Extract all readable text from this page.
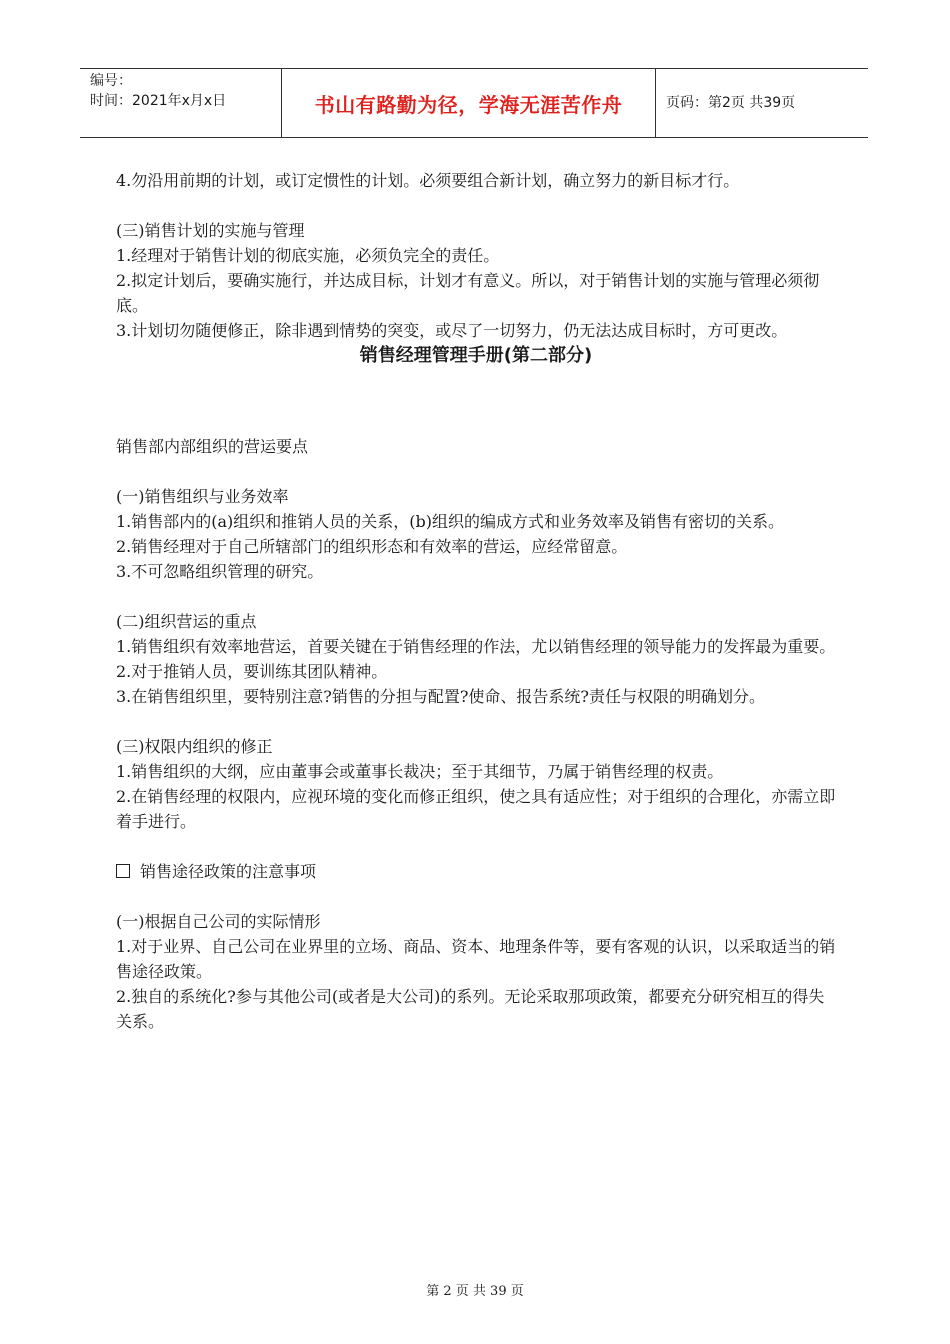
编号：
时间：2021年x月x日	书山有路勤为径，学海无涯苦作舟	页码：第2页 共39页

4.勿沿用前期的计划，或订定惯性的计划。必须要组合新计划，确立努力的新目标才行。

(三)销售计划的实施与管理

1.经理对于销售计划的彻底实施，必须负完全的责任。

2.拟定计划后，要确实施行，并达成目标，计划才有意义。所以，对于销售计划的实施与管理必须彻底。

3.计划切勿随便修正，除非遇到情势的突变，或尽了一切努力，仍无法达成目标时，方可更改。

销售经理管理手册(第二部分)

销售部内部组织的营运要点

(一)销售组织与业务效率

1.销售部内的(a)组织和推销人员的关系，(b)组织的编成方式和业务效率及销售有密切的关系。

2.销售经理对于自己所辖部门的组织形态和有效率的营运，应经常留意。

3.不可忽略组织管理的研究。

(二)组织营运的重点

1.销售组织有效率地营运，首要关键在于销售经理的作法，尤以销售经理的领导能力的发挥最为重要。

2.对于推销人员，要训练其团队精神。

3.在销售组织里，要特别注意?销售的分担与配置?使命、报告系统?责任与权限的明确划分。

(三)权限内组织的修正

1.销售组织的大纲，应由董事会或董事长裁决；至于其细节，乃属于销售经理的权责。

2.在销售经理的权限内，应视环境的变化而修正组织，使之具有适应性；对于组织的合理化，亦需立即着手进行。

销售途径政策的注意事项

(一)根据自己公司的实际情形

1.对于业界、自己公司在业界里的立场、商品、资本、地理条件等，要有客观的认识，以采取适当的销售途径政策。

2.独自的系统化?参与其他公司(或者是大公司)的系列。无论采取那项政策，都要充分研究相互的得失关系。

第 2 页 共 39 页
